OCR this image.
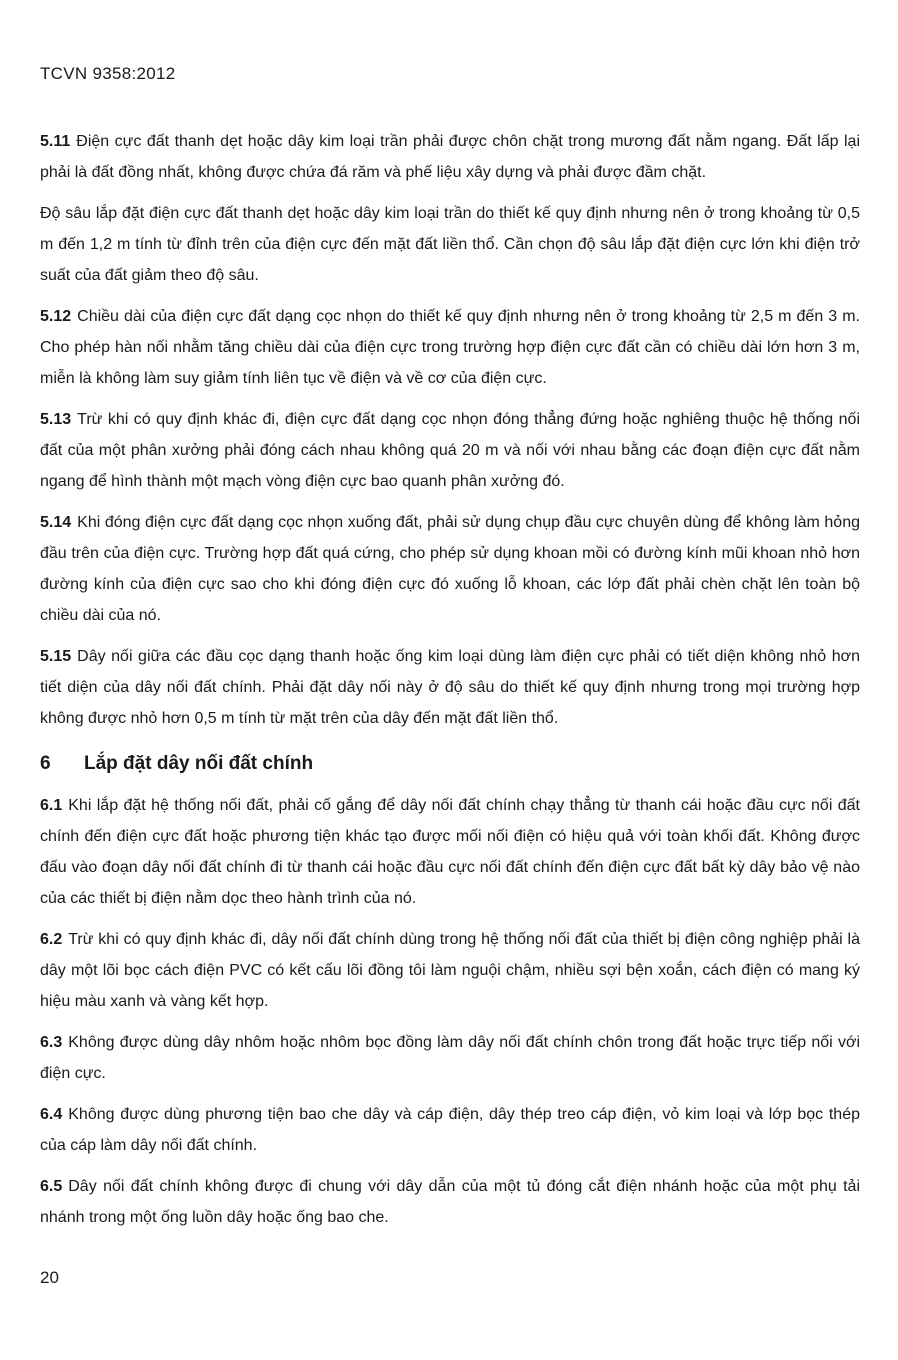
TCVN 9358:2012

5.11 Điện cực đất thanh dẹt hoặc dây kim loại trần phải được chôn chặt trong mương đất nằm ngang. Đất lấp lại phải là đất đồng nhất, không được chứa đá răm và phế liệu xây dựng và phải được đầm chặt.

Độ sâu lắp đặt điện cực đất thanh dẹt hoặc dây kim loại trần do thiết kế quy định nhưng nên ở trong khoảng từ 0,5 m đến 1,2 m tính từ đỉnh trên của điện cực đến mặt đất liền thổ. Cần chọn độ sâu lắp đặt điện cực lớn khi điện trở suất của đất giảm theo độ sâu.

5.12 Chiều dài của điện cực đất dạng cọc nhọn do thiết kế quy định nhưng nên ở trong khoảng từ 2,5 m đến 3 m. Cho phép hàn nối nhằm tăng chiều dài của điện cực trong trường hợp điện cực đất cần có chiều dài lớn hơn 3 m, miễn là không làm suy giảm tính liên tục về điện và về cơ của điện cực.

5.13 Trừ khi có quy định khác đi, điện cực đất dạng cọc nhọn đóng thẳng đứng hoặc nghiêng thuộc hệ thống nối đất của một phân xưởng phải đóng cách nhau không quá 20 m và nối với nhau bằng các đoạn điện cực đất nằm ngang để hình thành một mạch vòng điện cực bao quanh phân xưởng đó.

5.14 Khi đóng điện cực đất dạng cọc nhọn xuống đất, phải sử dụng chụp đầu cực chuyên dùng để không làm hỏng đầu trên của điện cực. Trường hợp đất quá cứng, cho phép sử dụng khoan mồi có đường kính mũi khoan nhỏ hơn đường kính của điện cực sao cho khi đóng điện cực đó xuống lỗ khoan, các lớp đất phải chèn chặt lên toàn bộ chiều dài của nó.

5.15 Dây nối giữa các đầu cọc dạng thanh hoặc ống kim loại dùng làm điện cực phải có tiết diện không nhỏ hơn tiết diện của dây nối đất chính. Phải đặt dây nối này ở độ sâu do thiết kế quy định nhưng trong mọi trường hợp không được nhỏ hơn 0,5 m tính từ mặt trên của dây đến mặt đất liền thổ.

6 Lắp đặt dây nối đất chính

6.1 Khi lắp đặt hệ thống nối đất, phải cố gắng để dây nối đất chính chạy thẳng từ thanh cái hoặc đầu cực nối đất chính đến điện cực đất hoặc phương tiện khác tạo được mối nối điện có hiệu quả với toàn khối đất. Không được đấu vào đoạn dây nối đất chính đi từ thanh cái hoặc đầu cực nối đất chính đến điện cực đất bất kỳ dây bảo vệ nào của các thiết bị điện nằm dọc theo hành trình của nó.

6.2 Trừ khi có quy định khác đi, dây nối đất chính dùng trong hệ thống nối đất của thiết bị điện công nghiệp phải là dây một lõi bọc cách điện PVC có kết cấu lõi đồng tôi làm nguội chậm, nhiều sợi bện xoắn, cách điện có mang ký hiệu màu xanh và vàng kết hợp.

6.3 Không được dùng dây nhôm hoặc nhôm bọc đồng làm dây nối đất chính chôn trong đất hoặc trực tiếp nối với điện cực.

6.4 Không được dùng phương tiện bao che dây và cáp điện, dây thép treo cáp điện, vỏ kim loại và lớp bọc thép của cáp làm dây nối đất chính.

6.5 Dây nối đất chính không được đi chung với dây dẫn của một tủ đóng cắt điện nhánh hoặc của một phụ tải nhánh trong một ống luồn dây hoặc ống bao che.

20
